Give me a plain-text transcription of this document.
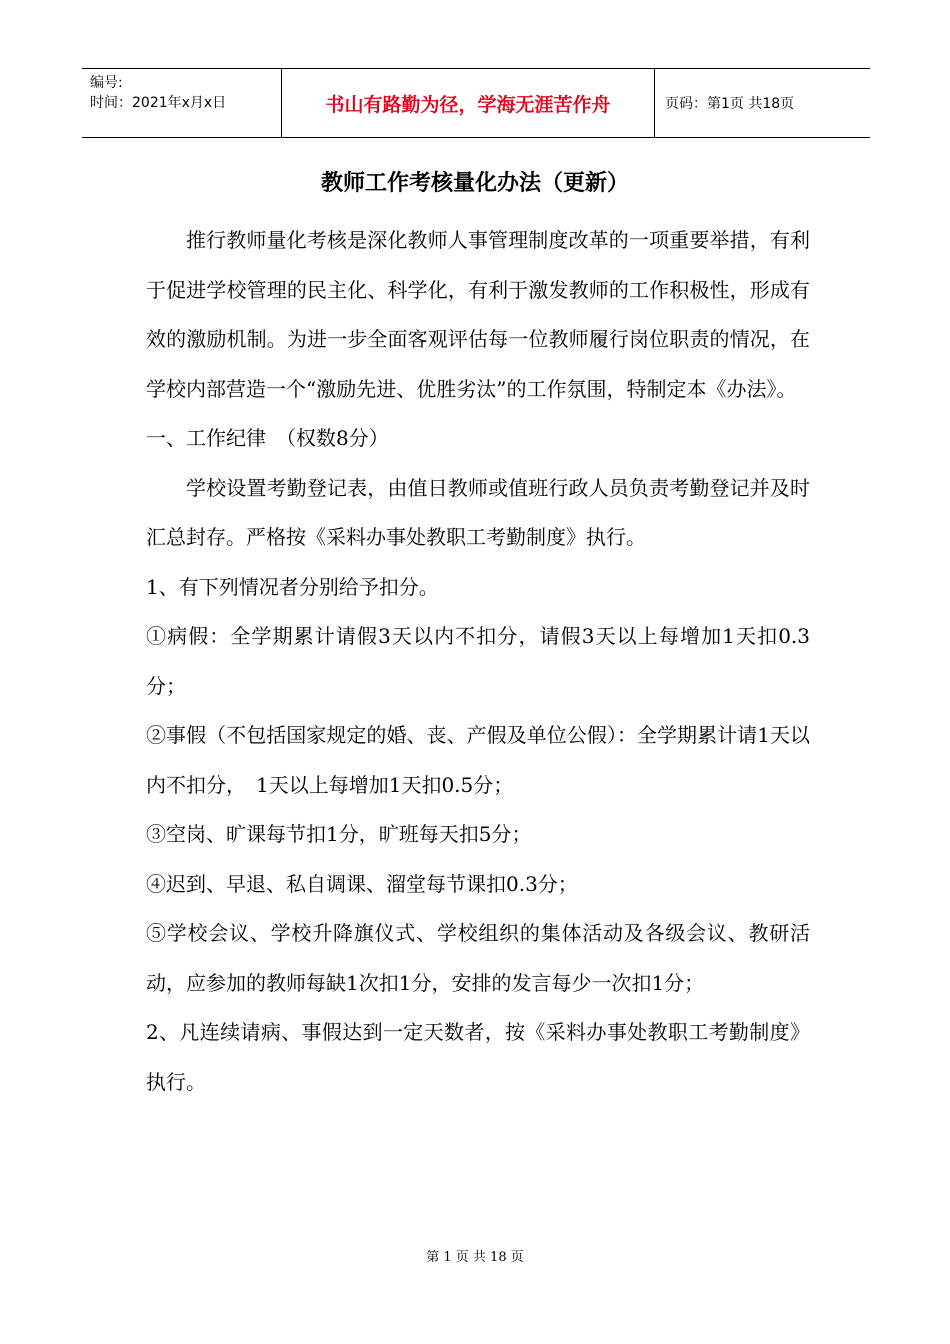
编号:
时间：2021年x月x日	书山有路勤为径，学海无涯苦作舟	页码：第1页 共18页
教师工作考核量化办法（更新）

推行教师量化考核是深化教师人事管理制度改革的一项重要举措，有利于促进学校管理的民主化、科学化，有利于激发教师的工作积极性，形成有效的激励机制。为进一步全面客观评估每一位教师履行岗位职责的情况，在学校内部营造一个“激励先进、优胜劣汰”的工作氛围，特制定本《办法》。

一、工作纪律　（权数8分）

学校设置考勤登记表，由值日教师或值班行政人员负责考勤登记并及时汇总封存。严格按《采料办事处教职工考勤制度》执行。

1、有下列情况者分别给予扣分。

①病假：全学期累计请假3天以内不扣分，请假3天以上每增加1天扣0.3分；

②事假（不包括国家规定的婚、丧、产假及单位公假）：全学期累计请1天以内不扣分，　1天以上每增加1天扣0.5分；

③空岗、旷课每节扣1分，旷班每天扣5分；

④迟到、早退、私自调课、溜堂每节课扣0.3分；

⑤学校会议、学校升降旗仪式、学校组织的集体活动及各级会议、教研活动，应参加的教师每缺1次扣1分，安排的发言每少一次扣1分；

2、凡连续请病、事假达到一定天数者，按《采料办事处教职工考勤制度》执行。

第 1 页 共 18 页
